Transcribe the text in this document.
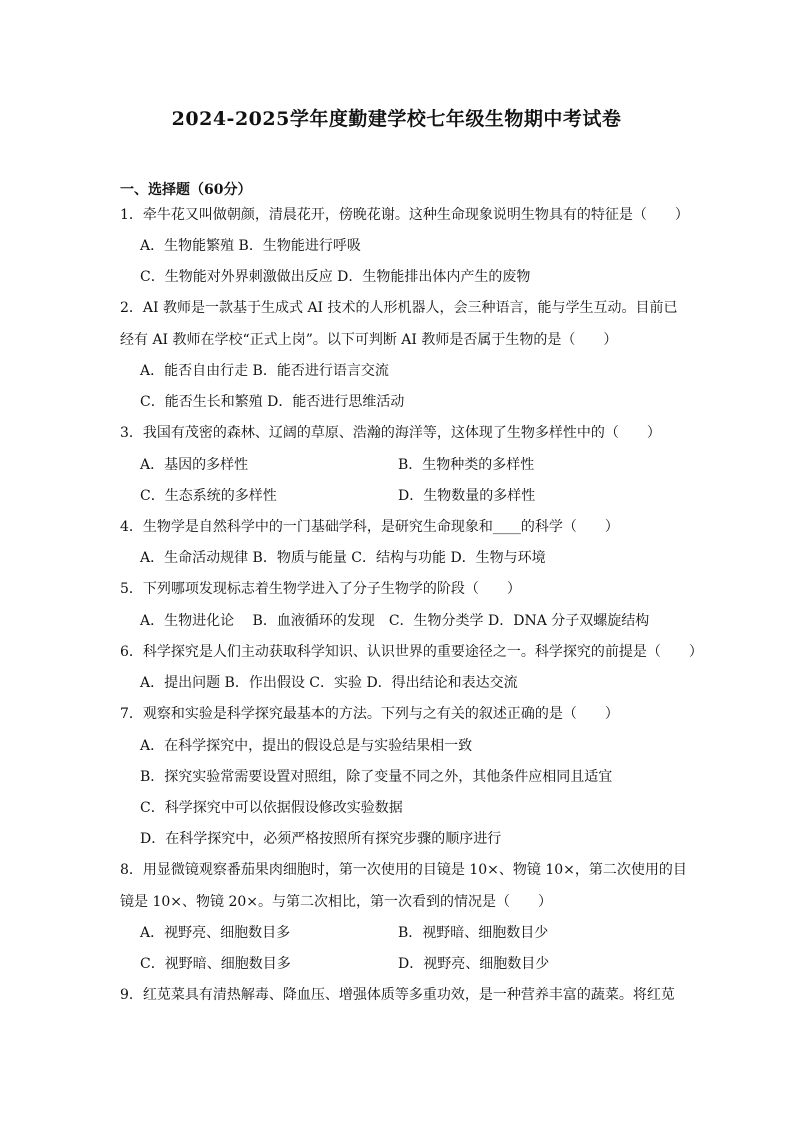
2024-2025学年度勤建学校七年级生物期中考试卷
一、选择题（60分）
1．牵牛花又叫做朝颜，清晨花开，傍晚花谢。这种生命现象说明生物具有的特征是（　　）
A．生物能繁殖 B．生物能进行呼吸
C．生物能对外界刺激做出反应 D．生物能排出体内产生的废物
2．AI 教师是一款基于生成式 AI 技术的人形机器人，会三种语言，能与学生互动。目前已
经有 AI 教师在学校“正式上岗”。以下可判断 AI 教师是否属于生物的是（　　）
A．能否自由行走 B．能否进行语言交流
C．能否生长和繁殖 D．能否进行思维活动
3．我国有茂密的森林、辽阔的草原、浩瀚的海洋等，这体现了生物多样性中的（　　）
A．基因的多样性	B．生物种类的多样性
C．生态系统的多样性	D．生物数量的多样性
4．生物学是自然科学中的一门基础学科，是研究生命现象和____的科学（　　）
A．生命活动规律 B．物质与能量 C．结构与功能 D．生物与环境
5．下列哪项发现标志着生物学进入了分子生物学的阶段（　　）
A．生物进化论　 B．血液循环的发现　C．生物分类学 D．DNA 分子双螺旋结构
6．科学探究是人们主动获取科学知识、认识世界的重要途径之一。科学探究的前提是（　　）
A．提出问题 B．作出假设 C．实验 D．得出结论和表达交流
7．观察和实验是科学探究最基本的方法。下列与之有关的叙述正确的是（　　）
A．在科学探究中，提出的假设总是与实验结果相一致
B．探究实验常需要设置对照组，除了变量不同之外，其他条件应相同且适宜
C．科学探究中可以依据假设修改实验数据
D．在科学探究中，必须严格按照所有探究步骤的顺序进行
8．用显微镜观察番茄果肉细胞时，第一次使用的目镜是 10×、物镜 10×，第二次使用的目
镜是 10×、物镜 20×。与第二次相比，第一次看到的情况是（　　）
A．视野亮、细胞数目多	B．视野暗、细胞数目少
C．视野暗、细胞数目多	D．视野亮、细胞数目少
9．红苋菜具有清热解毒、降血压、增强体质等多重功效，是一种营养丰富的蔬菜。将红苋
